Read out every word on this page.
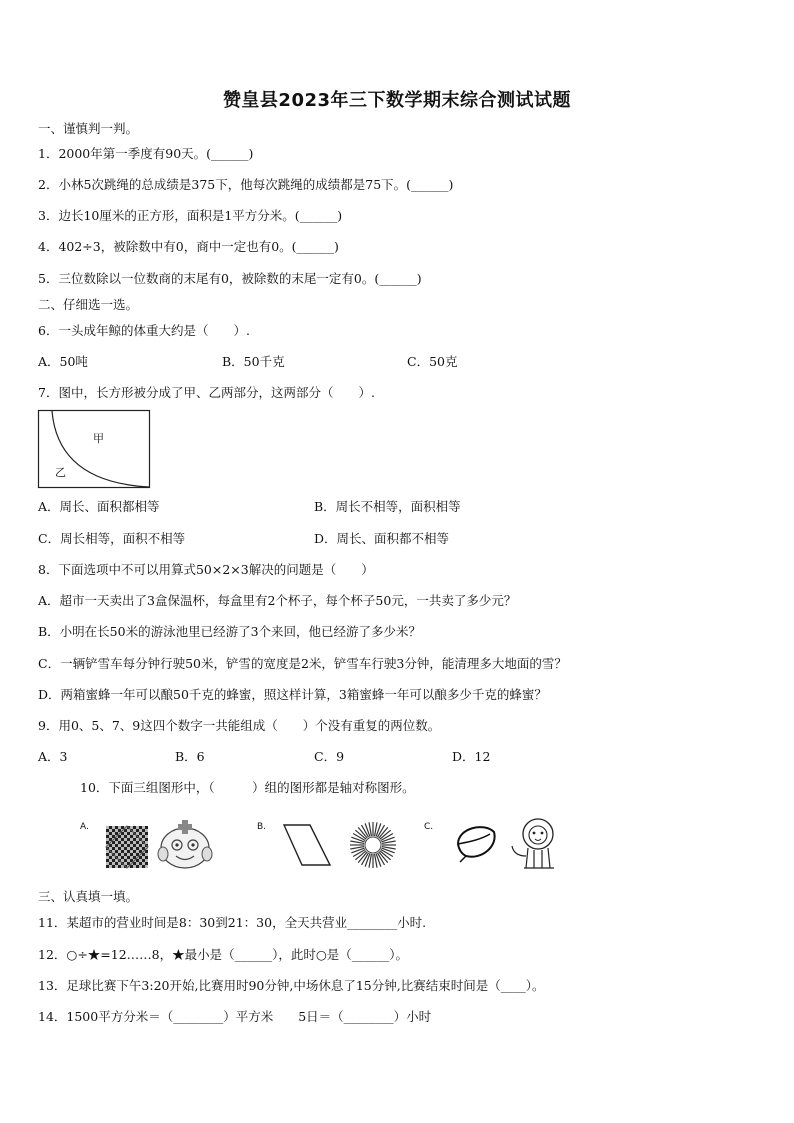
赞皇县2023年三下数学期末综合测试试题
一、谨慎判一判。
1．2000年第一季度有90天。(______)
2．小林5次跳绳的总成绩是375下，他每次跳绳的成绩都是75下。(______)
3．边长10厘米的正方形，面积是1平方分米。(______)
4．402÷3，被除数中有0，商中一定也有0。(______)
5．三位数除以一位数商的末尾有0，被除数的末尾一定有0。(______)
二、仔细选一选。
6．一头成年鲸的体重大约是（　　）.
A．50吨	B．50千克	C．50克
7．图中，长方形被分成了甲、乙两部分，这两部分（　　）.
甲
乙
A．周长、面积都相等	B．周长不相等，面积相等
C．周长相等，面积不相等	D．周长、面积都不相等
8．下面选项中不可以用算式50×2×3解决的问题是（　　）
A．超市一天卖出了3盒保温杯，每盒里有2个杯子，每个杯子50元，一共卖了多少元？
B．小明在长50米的游泳池里已经游了3个来回，他已经游了多少米？
C．一辆铲雪车每分钟行驶50米，铲雪的宽度是2米，铲雪车行驶3分钟，能清理多大地面的雪？
D．两箱蜜蜂一年可以酿50千克的蜂蜜，照这样计算，3箱蜜蜂一年可以酿多少千克的蜂蜜？
9．用0、5、7、9这四个数字一共能组成（　　）个没有重复的两位数。
A．3	B．6	C．9	D．12
10．下面三组图形中，（　　　）组的图形都是轴对称图形。
A.	B.	C.
三、认真填一填。
11．某超市的营业时间是8：30到21：30，全天共营业________小时.
12．○÷★=12……8，★最小是（______），此时○是（______）。
13．足球比赛下午3:20开始,比赛用时90分钟,中场休息了15分钟,比赛结束时间是（____）。
14．1500平方分米＝（________）平方米　　5日＝（________）小时
